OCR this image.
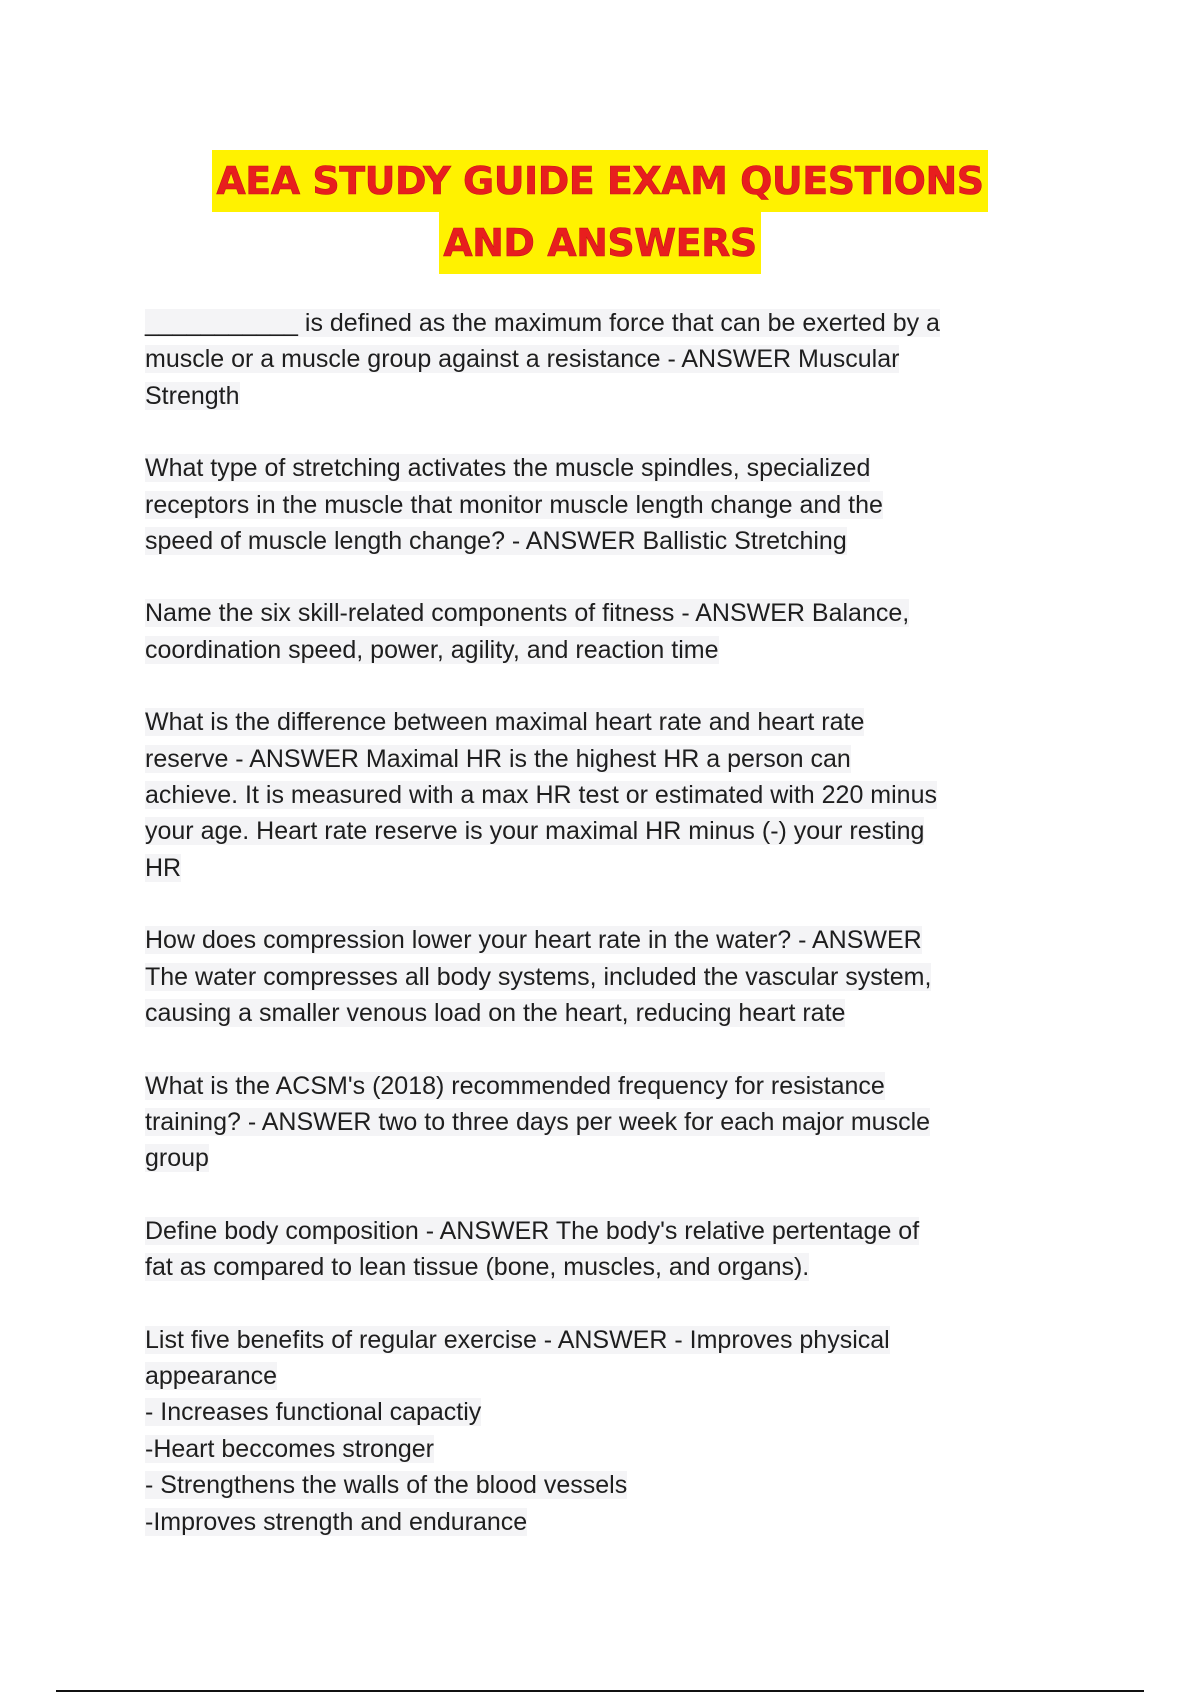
AEA STUDY GUIDE EXAM QUESTIONS
AND ANSWERS
___________ is defined as the maximum force that can be exerted by a
muscle or a muscle group against a resistance - ANSWER Muscular
Strength
What type of stretching activates the muscle spindles, specialized
receptors in the muscle that monitor muscle length change and the
speed of muscle length change? - ANSWER Ballistic Stretching
Name the six skill-related components of fitness - ANSWER Balance,
coordination speed, power, agility, and reaction time
What is the difference between maximal heart rate and heart rate
reserve - ANSWER Maximal HR is the highest HR a person can
achieve. It is measured with a max HR test or estimated with 220 minus
your age. Heart rate reserve is your maximal HR minus (-) your resting
HR
How does compression lower your heart rate in the water? - ANSWER
The water compresses all body systems, included the vascular system,
causing a smaller venous load on the heart, reducing heart rate
What is the ACSM's (2018) recommended frequency for resistance
training? - ANSWER two to three days per week for each major muscle
group
Define body composition - ANSWER The body's relative pertentage of
fat as compared to lean tissue (bone, muscles, and organs).
List five benefits of regular exercise - ANSWER - Improves physical
appearance
- Increases functional capactiy
-Heart beccomes stronger
- Strengthens the walls of the blood vessels
-Improves strength and endurance
